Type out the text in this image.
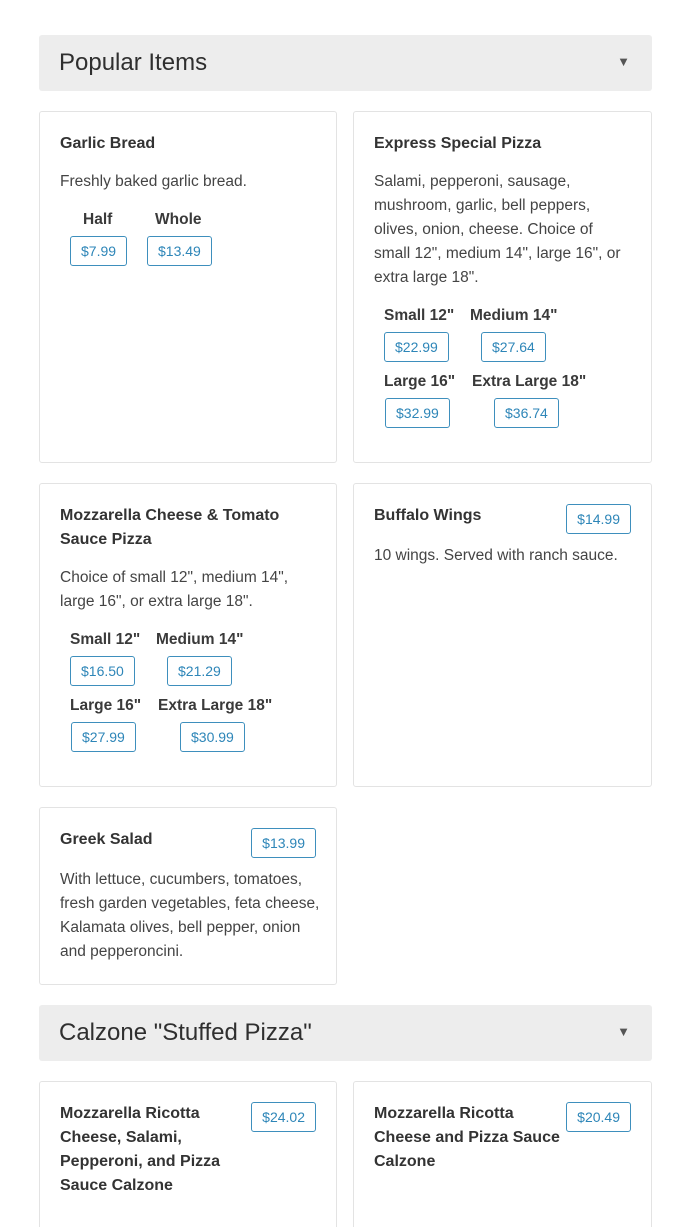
Popular Items	▼
Garlic Bread
Freshly baked garlic bread.
Half	Whole
$7.99	$13.49
Express Special Pizza
Salami, pepperoni, sausage, mushroom, garlic, bell peppers, olives, onion, cheese. Choice of small 12", medium 14", large 16", or extra large 18".
Small 12" Medium 14"
$22.99	$27.64
Large 16" Extra Large 18"
$32.99	$36.74
Mozzarella Cheese & Tomato Sauce Pizza
Choice of small 12", medium 14", large 16", or extra large 18".
Small 12" Medium 14"
$16.50	$21.29
Large 16" Extra Large 18"
$27.99	$30.99
Buffalo Wings	$14.99
10 wings. Served with ranch sauce.
Greek Salad	$13.99
With lettuce, cucumbers, tomatoes, fresh garden vegetables, feta cheese, Kalamata olives, bell pepper, onion and pepperoncini.
Calzone "Stuffed Pizza"	▼
Mozzarella Ricotta Cheese, Salami, Pepperoni, and Pizza Sauce Calzone
$24.02	Mozzarella Ricotta Cheese and Pizza Sauce Calzone
$20.49
